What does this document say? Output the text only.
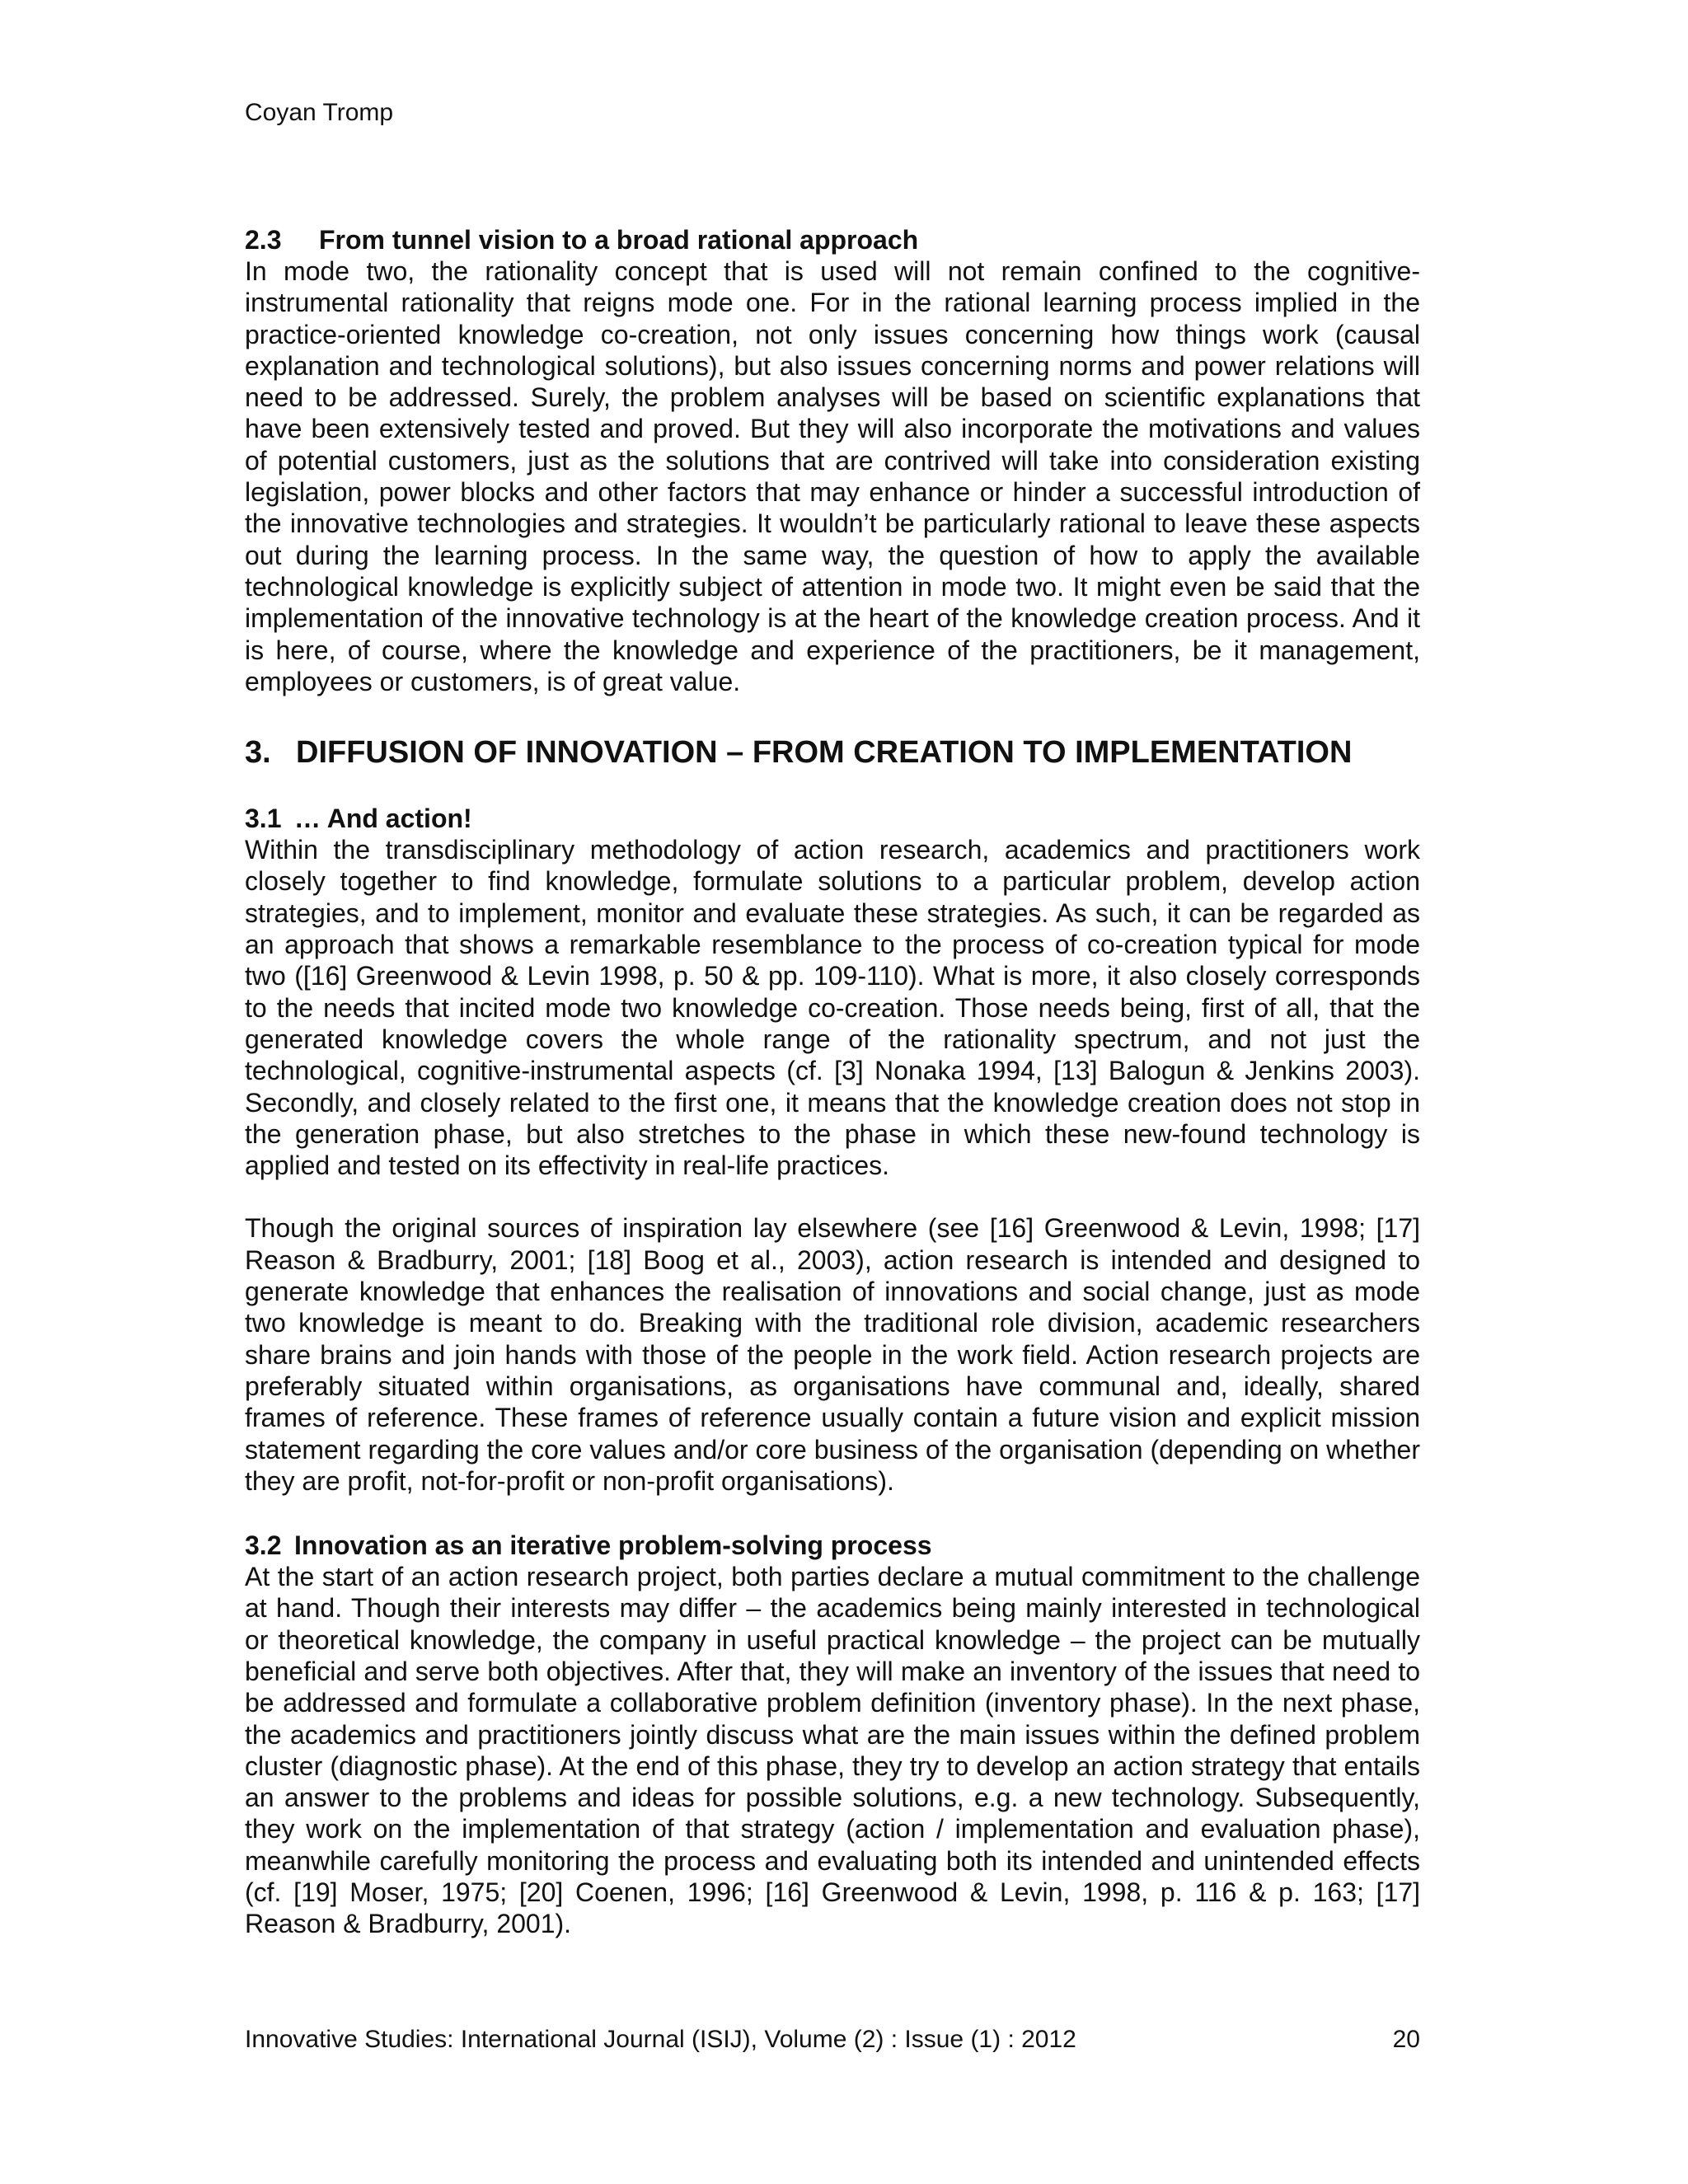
Coyan Tromp
2.3 From tunnel vision to a broad rational approach

In mode two, the rationality concept that is used will not remain confined to the cognitive-instrumental rationality that reigns mode one. For in the rational learning process implied in the practice-oriented knowledge co-creation, not only issues concerning how things work (causal explanation and technological solutions), but also issues concerning norms and power relations will need to be addressed. Surely, the problem analyses will be based on scientific explanations that have been extensively tested and proved. But they will also incorporate the motivations and values of potential customers, just as the solutions that are contrived will take into consideration existing legislation, power blocks and other factors that may enhance or hinder a successful introduction of the innovative technologies and strategies. It wouldn’t be particularly rational to leave these aspects out during the learning process. In the same way, the question of how to apply the available technological knowledge is explicitly subject of attention in mode two. It might even be said that the implementation of the innovative technology is at the heart of the knowledge creation process. And it is here, of course, where the knowledge and experience of the practitioners, be it management, employees or customers, is of great value.

3. DIFFUSION OF INNOVATION – FROM CREATION TO IMPLEMENTATION
3.1 … And action!

Within the transdisciplinary methodology of action research, academics and practitioners work closely together to find knowledge, formulate solutions to a particular problem, develop action strategies, and to implement, monitor and evaluate these strategies. As such, it can be regarded as an approach that shows a remarkable resemblance to the process of co-creation typical for mode two ([16] Greenwood & Levin 1998, p. 50 & pp. 109-110). What is more, it also closely corresponds to the needs that incited mode two knowledge co-creation. Those needs being, first of all, that the generated knowledge covers the whole range of the rationality spectrum, and not just the technological, cognitive-instrumental aspects (cf. [3] Nonaka 1994, [13] Balogun & Jenkins 2003). Secondly, and closely related to the first one, it means that the knowledge creation does not stop in the generation phase, but also stretches to the phase in which these new-found technology is applied and tested on its effectivity in real-life practices.

Though the original sources of inspiration lay elsewhere (see [16] Greenwood & Levin, 1998; [17] Reason & Bradburry, 2001; [18] Boog et al., 2003), action research is intended and designed to generate knowledge that enhances the realisation of innovations and social change, just as mode two knowledge is meant to do. Breaking with the traditional role division, academic researchers share brains and join hands with those of the people in the work field. Action research projects are preferably situated within organisations, as organisations have communal and, ideally, shared frames of reference. These frames of reference usually contain a future vision and explicit mission statement regarding the core values and/or core business of the organisation (depending on whether they are profit, not-for-profit or non-profit organisations).

3.2 Innovation as an iterative problem-solving process

At the start of an action research project, both parties declare a mutual commitment to the challenge at hand. Though their interests may differ – the academics being mainly interested in technological or theoretical knowledge, the company in useful practical knowledge – the project can be mutually beneficial and serve both objectives. After that, they will make an inventory of the issues that need to be addressed and formulate a collaborative problem definition (inventory phase). In the next phase, the academics and practitioners jointly discuss what are the main issues within the defined problem cluster (diagnostic phase). At the end of this phase, they try to develop an action strategy that entails an answer to the problems and ideas for possible solutions, e.g. a new technology. Subsequently, they work on the implementation of that strategy (action / implementation and evaluation phase), meanwhile carefully monitoring the process and evaluating both its intended and unintended effects (cf. [19] Moser, 1975; [20] Coenen, 1996; [16] Greenwood & Levin, 1998, p. 116 & p. 163; [17] Reason & Bradburry, 2001).

Innovative Studies: International Journal (ISIJ), Volume (2) : Issue (1) : 2012	20
